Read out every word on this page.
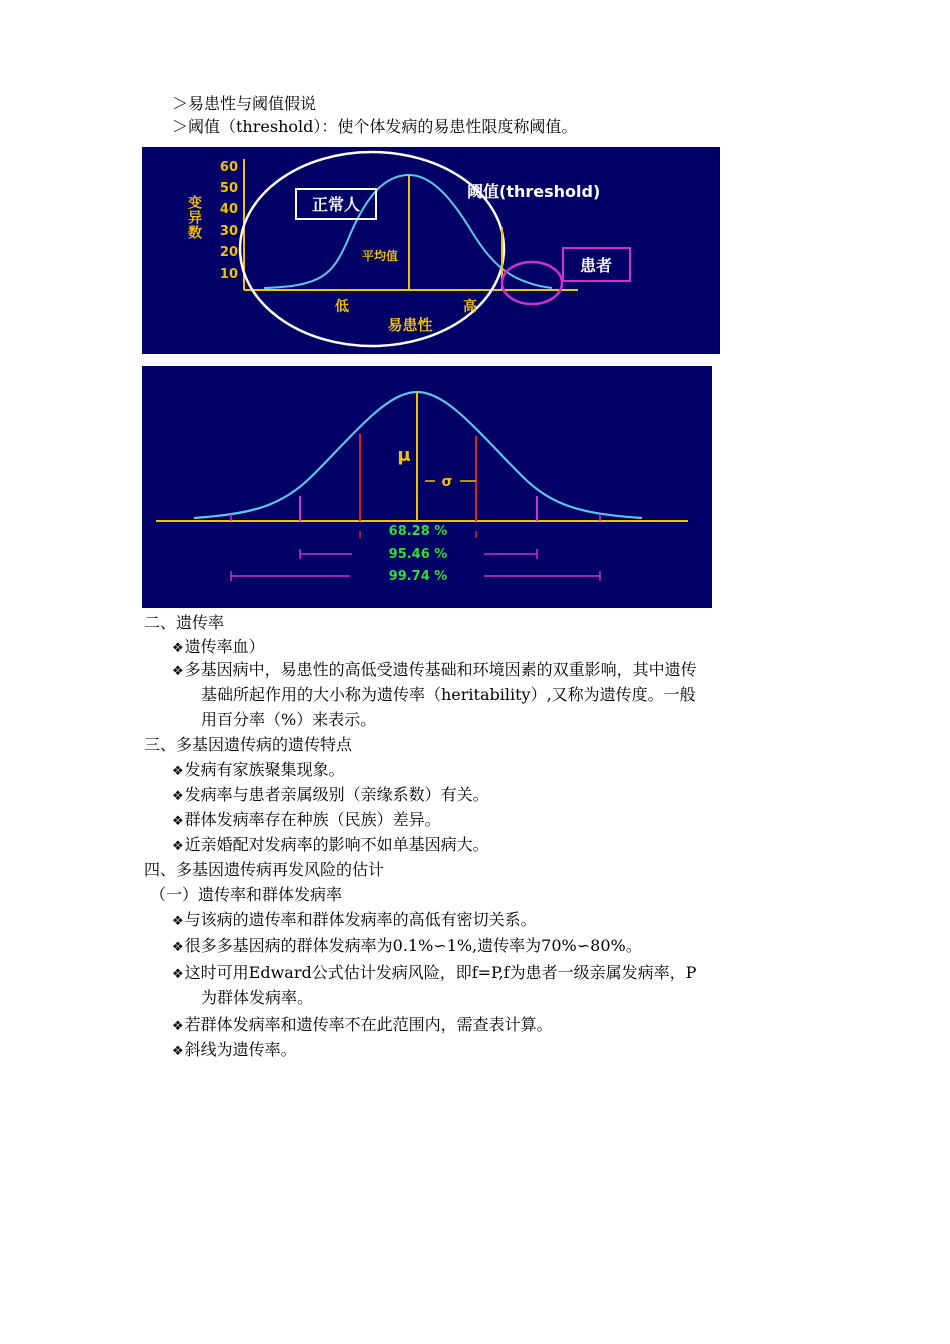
＞易患性与阈值假说
＞阈值（threshold）：使个体发病的易患性限度称阈值。
60
50
40
30
20
10
变异数	正常人
平均值
阈值(threshold)
患者
低	高
易患性
μ
σ
68.28 %
95.46 %
99.74 %
二、遗传率
❖遗传率血）
❖多基因病中，易患性的高低受遗传基础和环境因素的双重影响，其中遗传
基础所起作用的大小称为遗传率（heritability）,又称为遗传度。一般
用百分率（%）来表示。
三、多基因遗传病的遗传特点
❖发病有家族聚集现象。
❖发病率与患者亲属级别（亲缘系数）有关。
❖群体发病率存在种族（民族）差异。
❖近亲婚配对发病率的影响不如单基因病大。
四、多基因遗传病再发风险的估计
（一）遗传率和群体发病率
❖与该病的遗传率和群体发病率的高低有密切关系。
❖很多多基因病的群体发病率为0.1%∽1%,遗传率为70%∽80%。
❖这时可用Edward公式估计发病风险，即f=P,f为患者一级亲属发病率，P
为群体发病率。
❖若群体发病率和遗传率不在此范围内，需查表计算。
❖斜线为遗传率。
